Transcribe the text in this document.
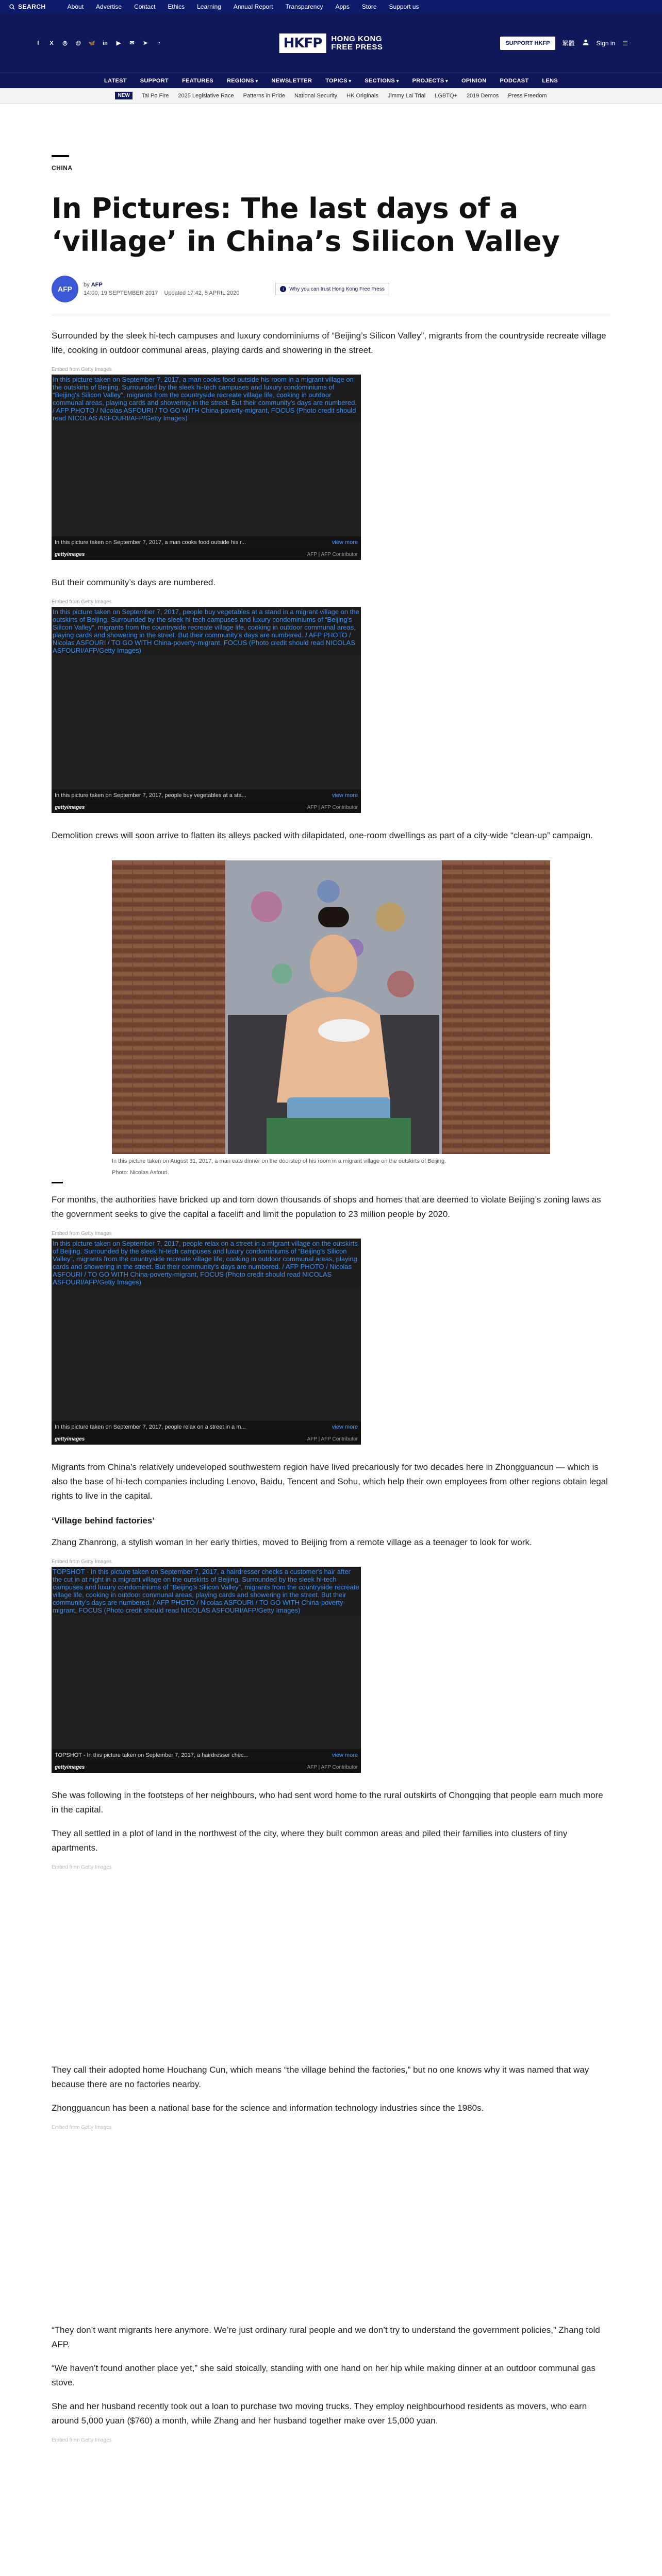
SEARCH	About Advertise Contact Ethics Learning Annual Report Transparency Apps Store Support us
f	X	◎ @ 🦋 in	▶	✉	➤	◔	HKFP	HONG KONG
FREE PRESS	SUPPORT HKFP	繁體	Sign in ☰
LATEST SUPPORT FEATURES REGIONS ▾	NEWSLETTER TOPICS ▾	SECTIONS ▾	PROJECTS ▾	OPINION PODCAST LENS
NEW	Tai Po Fire 2025 Legislative Race Patterns in Pride National Security HK Originals Jimmy Lai Trial LGBTQ+ 2019 Demos Press Freedom
CHINA
In Pictures: The last days of a ‘village’ in China’s Silicon Valley
AFP	by AFP
14:00, 19 SEPTEMBER 2017 Updated 17:42, 5 APRIL 2020
i	Why you can trust Hong Kong Free Press

Surrounded by the sleek hi-tech campuses and luxury condominiums of “Beijing’s Silicon Valley”, migrants from the countryside recreate village life, cooking in outdoor communal areas, playing cards and showering in the street.

Embed from Getty Images
In this picture taken on September 7, 2017, a man cooks food outside his room in a migrant village on the outskirts of Beijing. Surrounded by the sleek hi-tech campuses and luxury condominiums of “Beijing's Silicon Valley”, migrants from the countryside recreate village life, cooking in outdoor communal areas, playing cards and showering in the street. But their community's days are numbered. / AFP PHOTO / Nicolas ASFOURI / TO GO WITH China-poverty-migrant, FOCUS (Photo credit should read NICOLAS ASFOURI/AFP/Getty Images)
In this picture taken on September 7, 2017, a man cooks food outside his r...	view more
gettyimages	AFP | AFP Contributor

But their community’s days are numbered.

Embed from Getty Images
In this picture taken on September 7, 2017, people buy vegetables at a stand in a migrant village on the outskirts of Beijing. Surrounded by the sleek hi-tech campuses and luxury condominiums of “Beijing's Silicon Valley”, migrants from the countryside recreate village life, cooking in outdoor communal areas, playing cards and showering in the street. But their community's days are numbered. / AFP PHOTO / Nicolas ASFOURI / TO GO WITH China-poverty-migrant, FOCUS (Photo credit should read NICOLAS ASFOURI/AFP/Getty Images)
In this picture taken on September 7, 2017, people buy vegetables at a sta...	view more
gettyimages	AFP | AFP Contributor

Demolition crews will soon arrive to flatten its alleys packed with dilapidated, one-room dwellings as part of a city-wide “clean-up” campaign.

In this picture taken on August 31, 2017, a man eats dinner on the doorstep of his room in a migrant village on the outskirts of Beijing.

Photo: Nicolas Asfouri.

For months, the authorities have bricked up and torn down thousands of shops and homes that are deemed to violate Beijing’s zoning laws as the government seeks to give the capital a facelift and limit the population to 23 million people by 2020.

Embed from Getty Images
In this picture taken on September 7, 2017, people relax on a street in a migrant village on the outskirts of Beijing. Surrounded by the sleek hi-tech campuses and luxury condominiums of “Beijing's Silicon Valley”, migrants from the countryside recreate village life, cooking in outdoor communal areas, playing cards and showering in the street. But their community's days are numbered. / AFP PHOTO / Nicolas ASFOURI / TO GO WITH China-poverty-migrant, FOCUS (Photo credit should read NICOLAS ASFOURI/AFP/Getty Images)
In this picture taken on September 7, 2017, people relax on a street in a m...	view more
gettyimages	AFP | AFP Contributor

Migrants from China’s relatively undeveloped southwestern region have lived precariously for two decades here in Zhongguancun — which is also the base of hi-tech companies including Lenovo, Baidu, Tencent and Sohu, which help their own employees from other regions obtain legal rights to live in the capital.

‘Village behind factories’

Zhang Zhanrong, a stylish woman in her early thirties, moved to Beijing from a remote village as a teenager to look for work.

Embed from Getty Images
TOPSHOT - In this picture taken on September 7, 2017, a hairdresser checks a customer's hair after the cut in at night in a migrant village on the outskirts of Beijing. Surrounded by the sleek hi-tech campuses and luxury condominiums of “Beijing's Silicon Valley”, migrants from the countryside recreate village life, cooking in outdoor communal areas, playing cards and showering in the street. But their community's days are numbered. / AFP PHOTO / Nicolas ASFOURI / TO GO WITH China-poverty-migrant, FOCUS (Photo credit should read NICOLAS ASFOURI/AFP/Getty Images)
TOPSHOT - In this picture taken on September 7, 2017, a hairdresser chec...	view more
gettyimages	AFP | AFP Contributor

She was following in the footsteps of her neighbours, who had sent word home to the rural outskirts of Chongqing that people earn much more in the capital.

They all settled in a plot of land in the northwest of the city, where they built common areas and piled their families into clusters of tiny apartments.

Embed from Getty Images

They call their adopted home Houchang Cun, which means “the village behind the factories,” but no one knows why it was named that way because there are no factories nearby.

Zhongguancun has been a national base for the science and information technology industries since the 1980s.

Embed from Getty Images

“They don’t want migrants here anymore. We’re just ordinary rural people and we don’t try to understand the government policies,” Zhang told AFP.

“We haven’t found another place yet,” she said stoically, standing with one hand on her hip while making dinner at an outdoor communal gas stove.

She and her husband recently took out a loan to purchase two moving trucks. They employ neighbourhood residents as movers, who earn around 5,000 yuan ($760) a month, while Zhang and her husband together make over 15,000 yuan.

Embed from Getty Images
